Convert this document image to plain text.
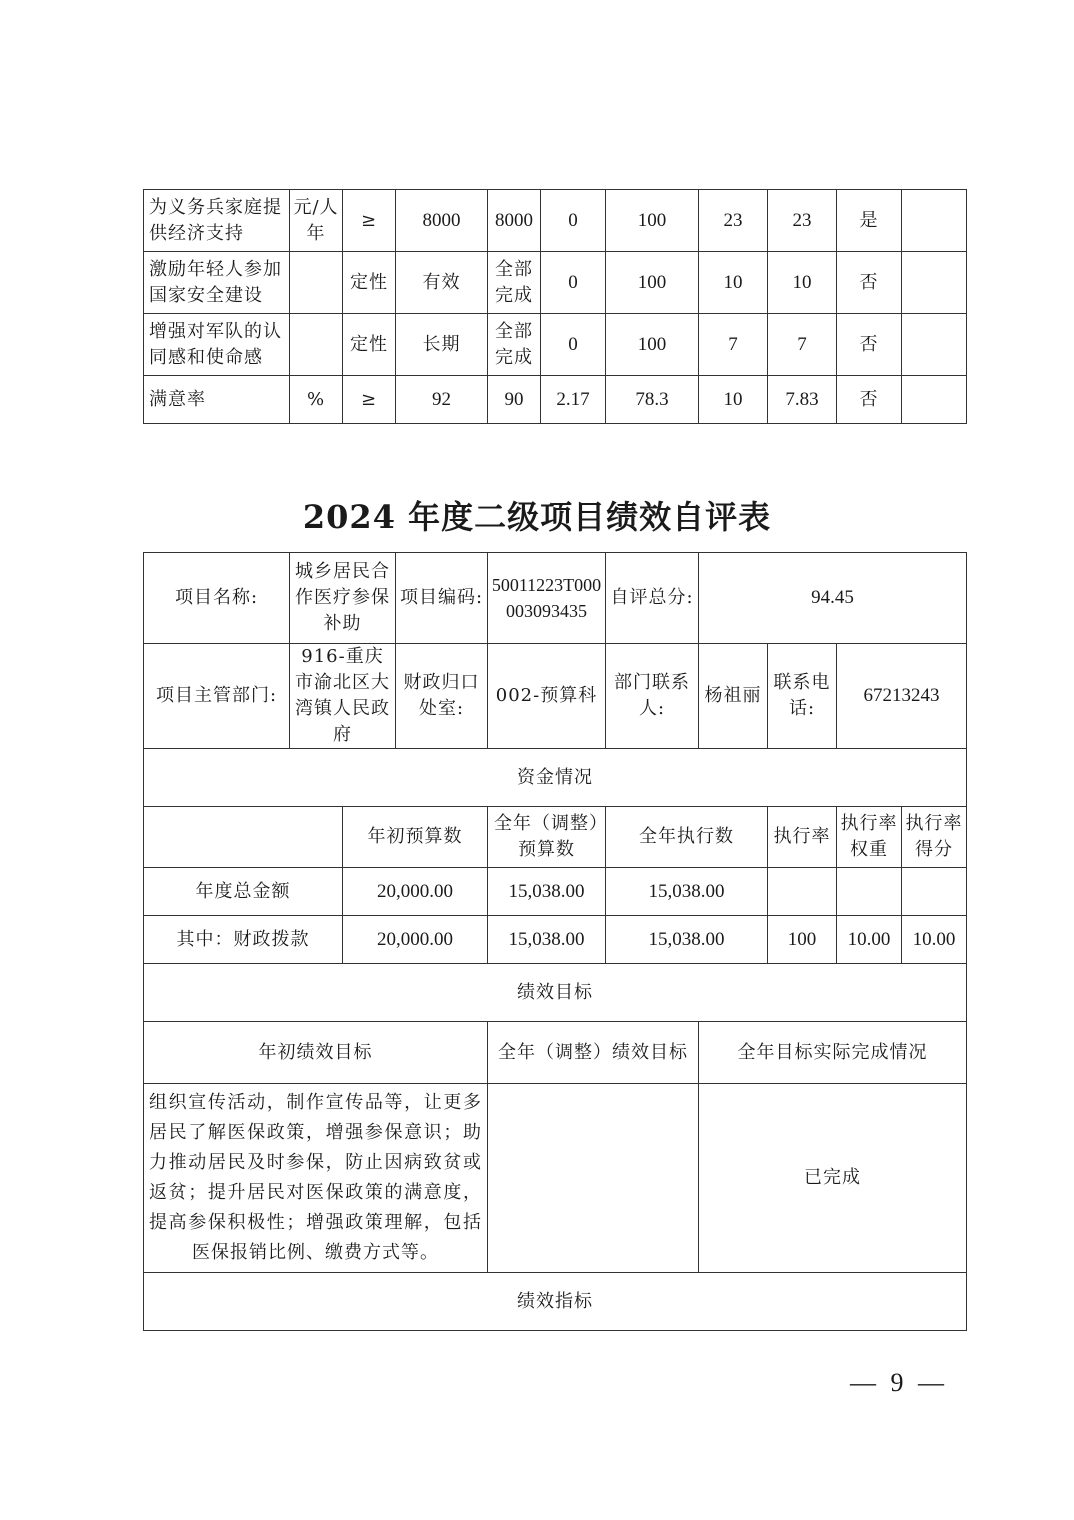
为义务兵家庭提供经济支持	元/人年	≥	8000	8000	0	100	23	23	是	
激励年轻人参加国家安全建设		定性	有效	全部完成	0	100	10	10	否	
增强对军队的认同感和使命感		定性	长期	全部完成	0	100	7	7	否	
满意率	%	≥	92	90	2.17	78.3	10	7.83	否	
2024 年度二级项目绩效自评表
项目名称:	城乡居民合作医疗参保补助		项目编码:	50011223T000003093435	自评总分:	94.45			
项目主管部门:	916-重庆市渝北区大湾镇人民政府		财政归口处室:	002-预算科	部门联系人:	杨祖丽	联系电话:	67213243	
资金情况									
		年初预算数		全年（调整）预算数	全年执行数		执行率	执行率权重	执行率得分
年度总金额		20,000.00		15,038.00	15,038.00				
其中：财政拨款		20,000.00		15,038.00	15,038.00		100	10.00	10.00
绩效目标									
年初绩效目标				全年（调整）绩效目标		全年目标实际完成情况			
组织宣传活动，制作宣传品等，让更多居民了解医保政策，增强参保意识；助力推动居民及时参保，防止因病致贫或返贫；提升居民对医保政策的满意度，提高参保积极性；增强政策理解，包括医保报销比例、缴费方式等。						已完成			
绩效指标									
— 9 —
